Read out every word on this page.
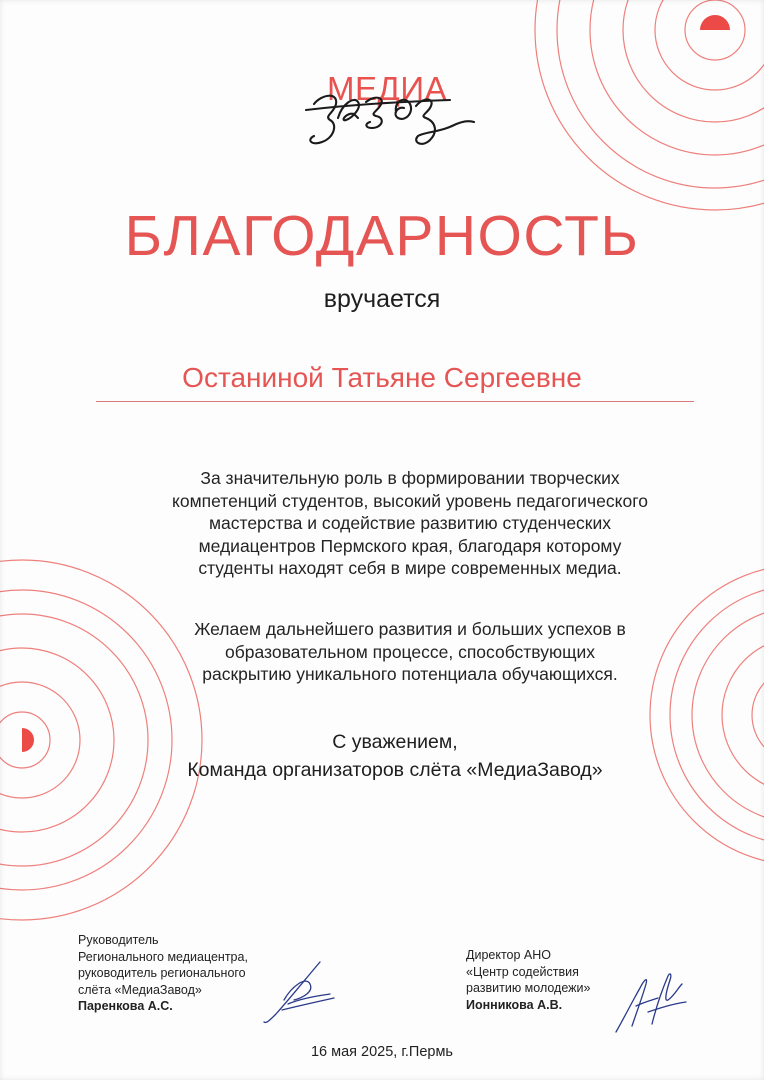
МЕДИА
БЛАГОДАРНОСТЬ
вручается
Останиной Татьяне Сергеевне
За значительную роль в формировании творческих
компетенций студентов, высокий уровень педагогического
мастерства и содействие развитию студенческих
медиацентров Пермского края, благодаря которому
студенты находят себя в мире современных медиа.
Желаем дальнейшего развития и больших успехов в
образовательном процессе, способствующих
раскрытию уникального потенциала обучающихся.
С уважением,
Команда организаторов слёта «МедиаЗавод»
Руководитель
Регионального медиацентра,
руководитель регионального
слёта «МедиаЗавод»
Паренкова А.С.
Директор АНО
«Центр содействия
развитию молодежи»
Ионникова А.В.
16 мая 2025, г.Пермь
